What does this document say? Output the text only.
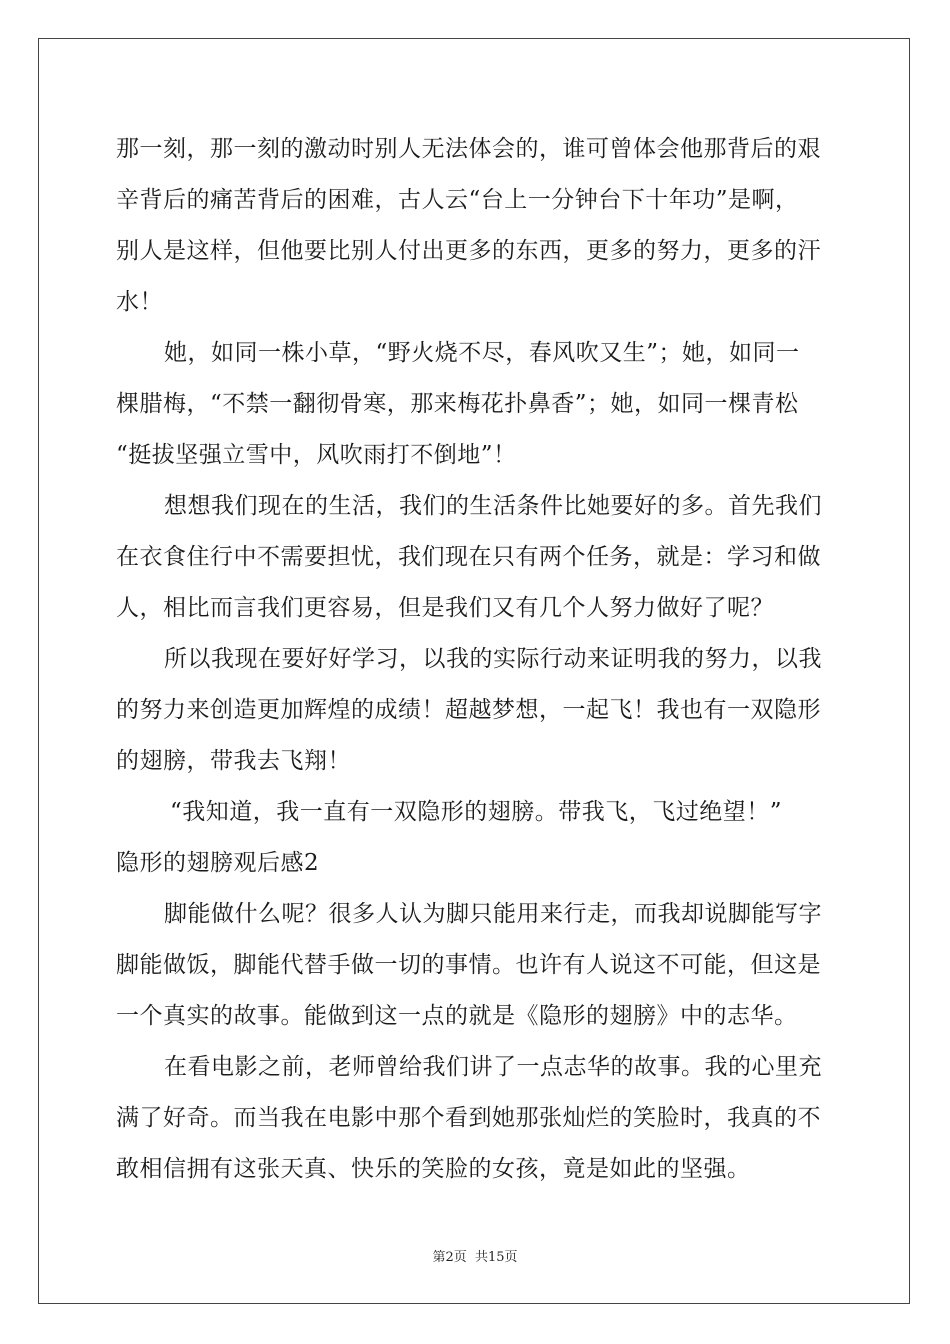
那一刻，那一刻的激动时别人无法体会的，谁可曾体会他那背后的艰
辛背后的痛苦背后的困难，古人云“台上一分钟台下十年功”是啊，
别人是这样，但他要比别人付出更多的东西，更多的努力，更多的汗
水！
她，如同一株小草，“野火烧不尽，春风吹又生”；她，如同一
棵腊梅，“不禁一翻彻骨寒，那来梅花扑鼻香”；她，如同一棵青松
“挺拔坚强立雪中，风吹雨打不倒地”！
想想我们现在的生活，我们的生活条件比她要好的多。首先我们
在衣食住行中不需要担忧，我们现在只有两个任务，就是：学习和做
人，相比而言我们更容易，但是我们又有几个人努力做好了呢？
所以我现在要好好学习，以我的实际行动来证明我的努力，以我
的努力来创造更加辉煌的成绩！超越梦想，一起飞！我也有一双隐形
的翅膀，带我去飞翔！
“我知道，我一直有一双隐形的翅膀。带我飞，飞过绝望！”
隐形的翅膀观后感2
脚能做什么呢？很多人认为脚只能用来行走，而我却说脚能写字
脚能做饭，脚能代替手做一切的事情。也许有人说这不可能，但这是
一个真实的故事。能做到这一点的就是《隐形的翅膀》中的志华。
在看电影之前，老师曾给我们讲了一点志华的故事。我的心里充
满了好奇。而当我在电影中那个看到她那张灿烂的笑脸时，我真的不
敢相信拥有这张天真、快乐的笑脸的女孩，竟是如此的坚强。
第2页 共15页
